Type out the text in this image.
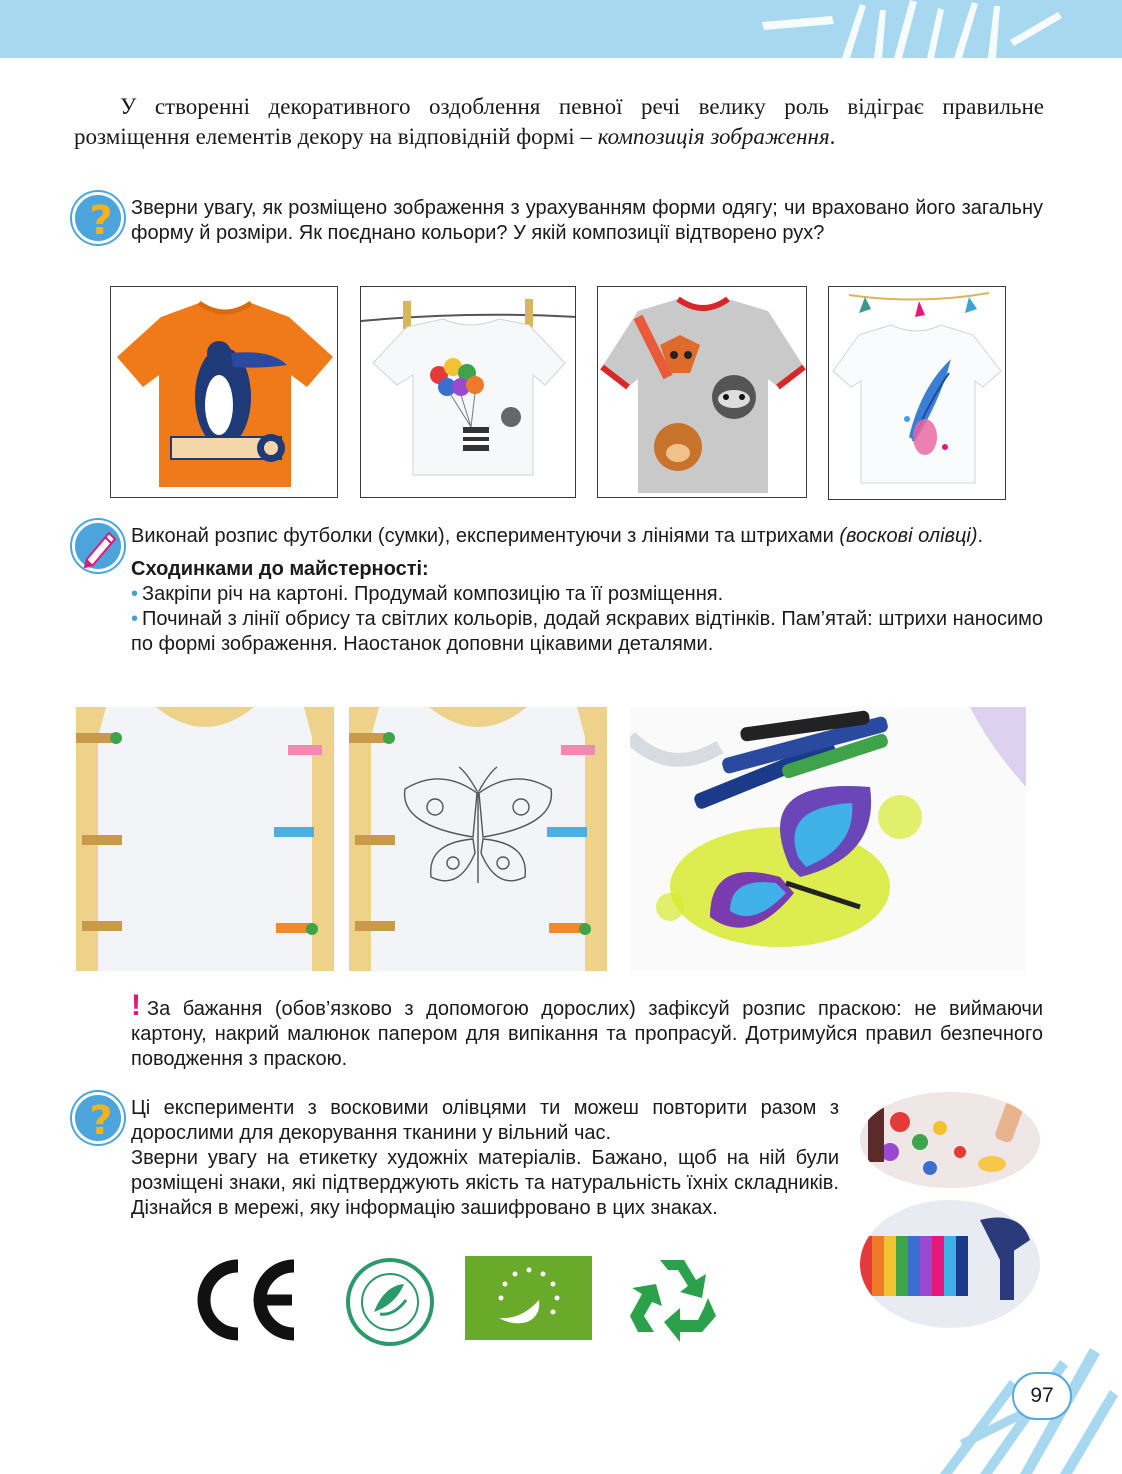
У створенні декоративного оздоблення певної речі велику роль відіграє правильне розміщення елементів декору на відповідній формі – композиція зображення.

? Зверни увагу, як розміщено зображення з урахуванням форми одягу; чи враховано його загальну форму й розміри. Як поєднано кольори? У якій композиції відтворено рух?

Виконай розпис футболки (сумки), експериментуючи з лініями та штрихами (воскові олівці).

Сходинками до майстерності:

• Закріпи річ на картоні. Продумай композицію та її розміщення.

• Починай з лінії обрису та світлих кольорів, додай яскравих відтінків. Пам’ятай: штрихи наносимо по формі зображення. Наостанок доповни цікавими деталями.

! За бажання (обов’язково з допомогою дорослих) зафіксуй розпис праскою: не виймаючи картону, накрий малюнок папером для випікання та пропрасуй. Дотримуйся правил безпечного поводження з праскою.

? Ці експерименти з восковими олівцями ти можеш повторити разом з дорослими для декорування тканини у вільний час.

Зверни увагу на етикетку художніх матеріалів. Бажано, щоб на ній були розміщені знаки, які підтверджують якість та натуральність їхніх складників. Дізнайся в мережі, яку інформацію зашифровано в цих знаках.

97
